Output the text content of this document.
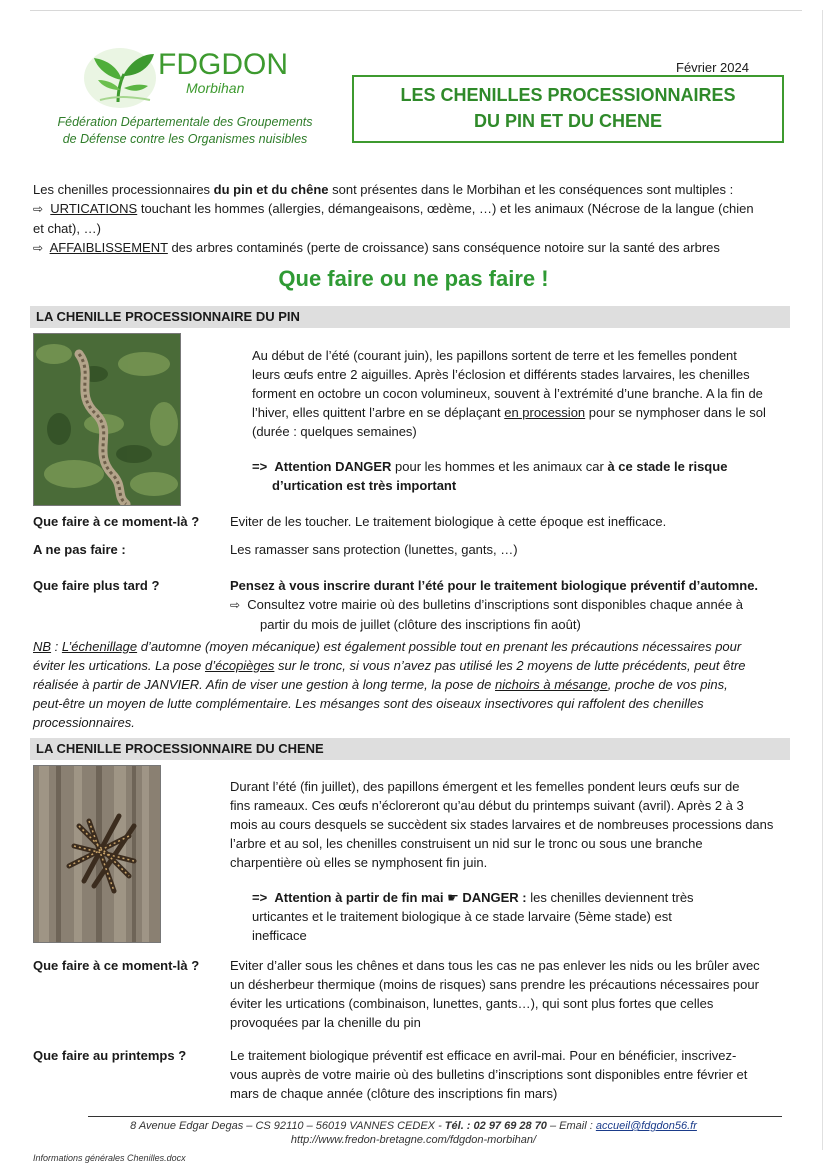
FDGDON
Morbihan
Fédération Départementale des Groupements
de Défense contre les Organismes nuisibles
Février 2024
LES CHENILLES PROCESSIONNAIRES
DU PIN ET DU CHENE
Les chenilles processionnaires du pin et du chêne sont présentes dans le Morbihan et les conséquences sont multiples :
⇨ URTICATIONS touchant les hommes (allergies, démangeaisons, œdème, …) et les animaux (Nécrose de la langue (chien
et chat), …)
⇨ AFFAIBLISSEMENT des arbres contaminés (perte de croissance) sans conséquence notoire sur la santé des arbres
Que faire ou ne pas faire !
LA CHENILLE PROCESSIONNAIRE DU PIN
Au début de l’été (courant juin), les papillons sortent de terre et les femelles pondent
leurs œufs entre 2 aiguilles. Après l’éclosion et différents stades larvaires, les chenilles
forment en octobre un cocon volumineux, souvent à l’extrémité d’une branche. A la fin de
l’hiver, elles quittent l’arbre en se déplaçant en procession pour se nymphoser dans le sol
(durée : quelques semaines)
=> Attention DANGER pour les hommes et les animaux car à ce stade le risque
d’urtication est très important
Que faire à ce moment-là ? Eviter de les toucher. Le traitement biologique à cette époque est inefficace.
A ne pas faire :	Les ramasser sans protection (lunettes, gants, …)
Que faire plus tard ?	Pensez à vous inscrire durant l’été pour le traitement biologique préventif d’automne.
⇨ Consultez votre mairie où des bulletins d’inscriptions sont disponibles chaque année à
partir du mois de juillet (clôture des inscriptions fin août)
NB : L’échenillage d’automne (moyen mécanique) est également possible tout en prenant les précautions nécessaires pour
éviter les urtications. La pose d’écopièges sur le tronc, si vous n’avez pas utilisé les 2 moyens de lutte précédents, peut être
réalisée à partir de JANVIER. Afin de viser une gestion à long terme, la pose de nichoirs à mésange, proche de vos pins,
peut-être un moyen de lutte complémentaire. Les mésanges sont des oiseaux insectivores qui raffolent des chenilles
processionnaires.
LA CHENILLE PROCESSIONNAIRE DU CHENE
Durant l’été (fin juillet), des papillons émergent et les femelles pondent leurs œufs sur de
fins rameaux. Ces œufs n’écloreront qu’au début du printemps suivant (avril). Après 2 à 3
mois au cours desquels se succèdent six stades larvaires et de nombreuses processions dans
l’arbre et au sol, les chenilles construisent un nid sur le tronc ou sous une branche
charpentière où elles se nymphosent fin juin.
=> Attention à partir de fin mai ☛ DANGER : les chenilles deviennent très
urticantes et le traitement biologique à ce stade larvaire (5ème stade) est
inefficace
Que faire à ce moment-là ? Eviter d’aller sous les chênes et dans tous les cas ne pas enlever les nids ou les brûler avec
un désherbeur thermique (moins de risques) sans prendre les précautions nécessaires pour
éviter les urtications (combinaison, lunettes, gants…), qui sont plus fortes que celles
provoquées par la chenille du pin
Que faire au printemps ?	Le traitement biologique préventif est efficace en avril-mai. Pour en bénéficier, inscrivez-
vous auprès de votre mairie où des bulletins d’inscriptions sont disponibles entre février et
mars de chaque année (clôture des inscriptions fin mars)
8 Avenue Edgar Degas – CS 92110 – 56019 VANNES CEDEX - Tél. : 02 97 69 28 70 – Email : accueil@fdgdon56.fr
http://www.fredon-bretagne.com/fdgdon-morbihan/
Informations générales Chenilles.docx
